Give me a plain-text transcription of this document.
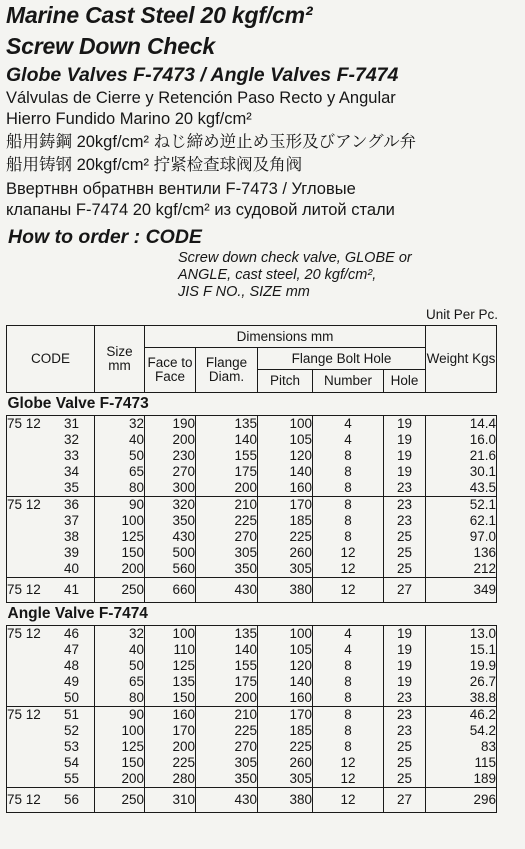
Marine Cast Steel 20 kgf/cm²
Screw Down Check
Globe Valves F-7473 / Angle Valves F-7474
Válvulas de Cierre y Retención Paso Recto y Angular
Hierro Fundido Marino 20 kgf/cm²
船用鋳鋼 20kgf/cm² ねじ締め逆止め玉形及びアングル弁
船用铸钢 20kgf/cm² 拧紧检查球阀及角阀
Ввертнвн обратнвн вентили F-7473 / Угловые
клапаны F-7474 20 kgf/cm² из судовой литой стали
How to order : CODE
Screw down check valve, GLOBE or
ANGLE, cast steel, 20 kgf/cm²,
JIS F NO., SIZE mm
Unit Per Pc.
CODE	Size mm	Dimensions mm					Weight Kgs
		Face to Face	Flange Diam.	Flange Bolt Hole			
				Pitch	Number	Hole	
Globe Valve F-7473							
75 12 31	32	190	135	100	4	19	14.4
32	40	200	140	105	4	19	16.0
33	50	230	155	120	8	19	21.6
34	65	270	175	140	8	19	30.1
35	80	300	200	160	8	23	43.5
75 12 36	90	320	210	170	8	23	52.1
37	100	350	225	185	8	23	62.1
38	125	430	270	225	8	25	97.0
39	150	500	305	260	12	25	136
40	200	560	350	305	12	25	212
75 12 41	250	660	430	380	12	27	349
Angle Valve F-7474							
75 12 46	32	100	135	100	4	19	13.0
47	40	110	140	105	4	19	15.1
48	50	125	155	120	8	19	19.9
49	65	135	175	140	8	19	26.7
50	80	150	200	160	8	23	38.8
75 12 51	90	160	210	170	8	23	46.2
52	100	170	225	185	8	23	54.2
53	125	200	270	225	8	25	83
54	150	225	305	260	12	25	115
55	200	280	350	305	12	25	189
75 12 56	250	310	430	380	12	27	296
